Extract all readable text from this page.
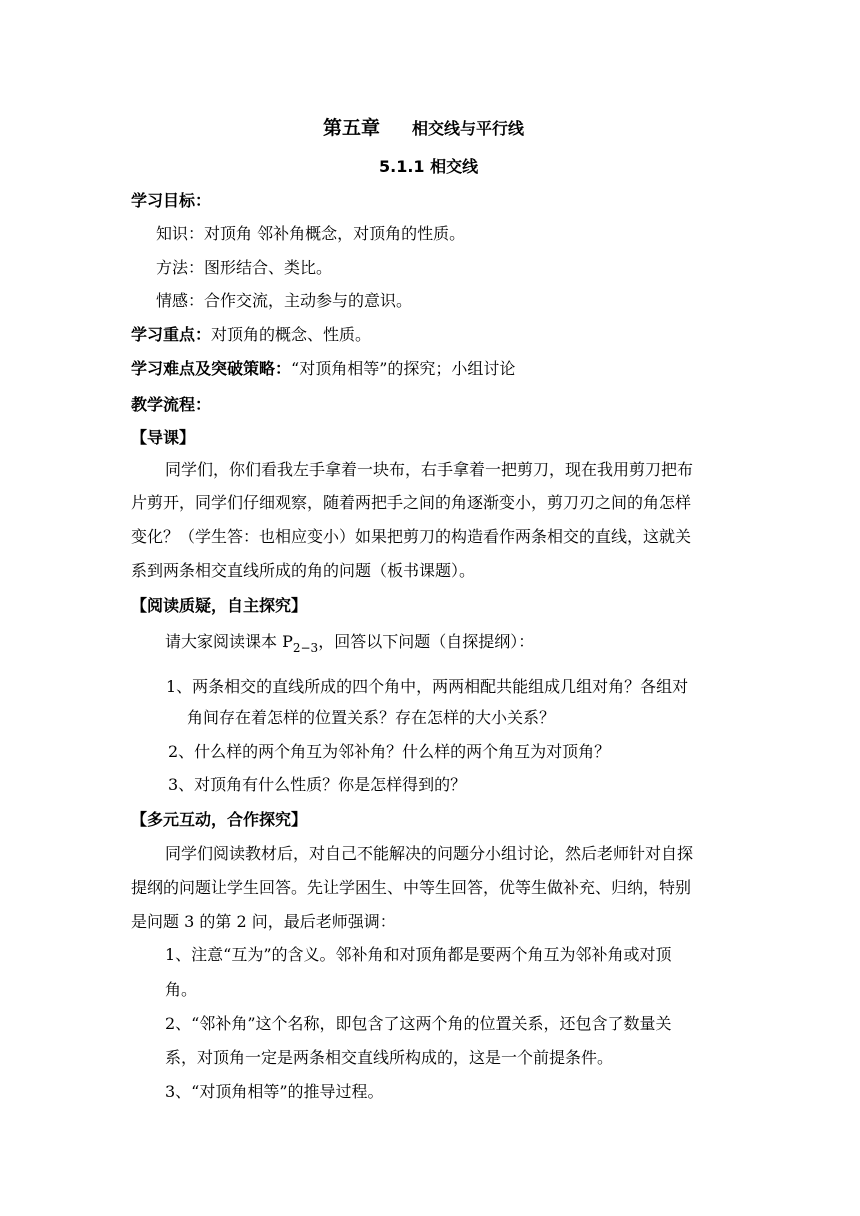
第五章 相交线与平行线
5.1.1 相交线
学习目标：
知识：对顶角 邻补角概念，对顶角的性质。
方法：图形结合、类比。
情感：合作交流，主动参与的意识。
学习重点：对顶角的概念、性质。
学习难点及突破策略：“对顶角相等”的探究；小组讨论
教学流程：
【导课】
同学们，你们看我左手拿着一块布，右手拿着一把剪刀，现在我用剪刀把布
片剪开，同学们仔细观察，随着两把手之间的角逐渐变小，剪刀刃之间的角怎样
变化？（学生答：也相应变小）如果把剪刀的构造看作两条相交的直线，这就关
系到两条相交直线所成的角的问题（板书课题）。
【阅读质疑，自主探究】
请大家阅读课本 $P_{2-3}$，回答以下问题（自探提纲）：
1、两条相交的直线所成的四个角中，两两相配共能组成几组对角？各组对
角间存在着怎样的位置关系？存在怎样的大小关系？
2、什么样的两个角互为邻补角？什么样的两个角互为对顶角？
3、对顶角有什么性质？你是怎样得到的？
【多元互动，合作探究】
同学们阅读教材后，对自己不能解决的问题分小组讨论，然后老师针对自探
提纲的问题让学生回答。先让学困生、中等生回答，优等生做补充、归纳，特别
是问题 3 的第 2 问，最后老师强调：
1、注意“互为”的含义。邻补角和对顶角都是要两个角互为邻补角或对顶
角。
2、“邻补角”这个名称，即包含了这两个角的位置关系，还包含了数量关
系，对顶角一定是两条相交直线所构成的，这是一个前提条件。
3、“对顶角相等”的推导过程。
